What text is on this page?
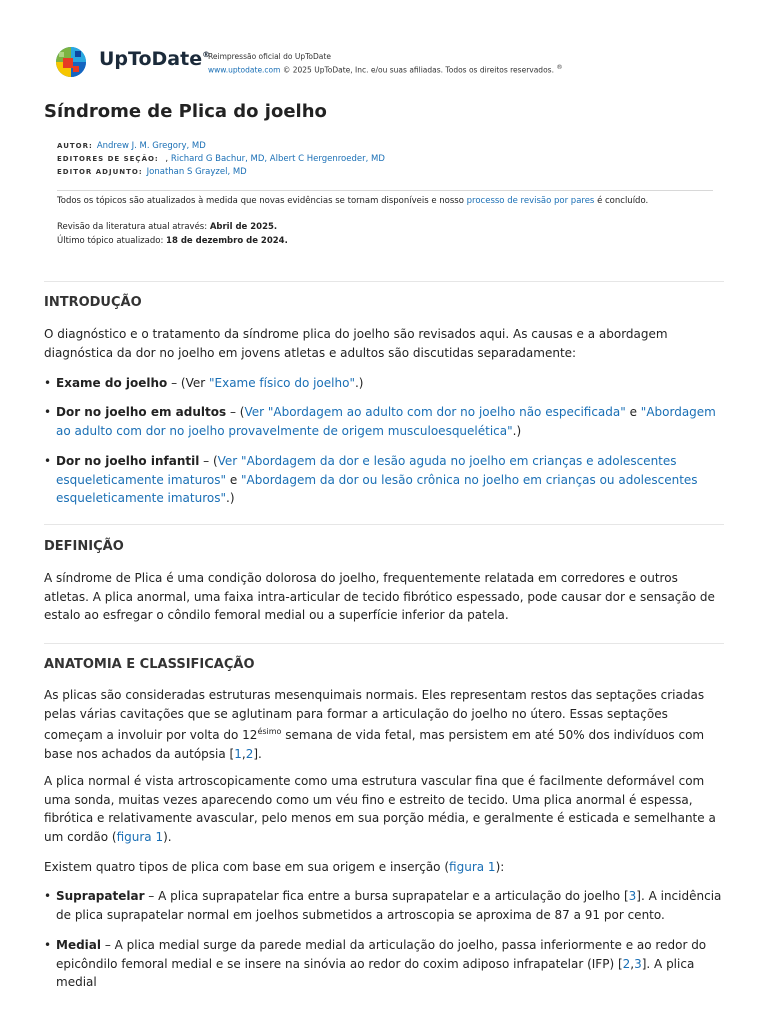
UpToDate®
Reimpressão oficial do UpToDate
www.uptodate.com © 2025 UpToDate, Inc. e/ou suas afiliadas. Todos os direitos reservados. ®
Síndrome de Plica do joelho
AUTOR: Andrew J. M. Gregory, MD
EDITORES DE SEÇÃO: , Richard G Bachur, MD, Albert C Hergenroeder, MD
EDITOR ADJUNTO: Jonathan S Grayzel, MD
Todos os tópicos são atualizados à medida que novas evidências se tornam disponíveis e nosso processo de revisão por pares é concluído.
Revisão da literatura atual através: Abril de 2025.
Último tópico atualizado: 18 de dezembro de 2024.
INTRODUÇÃO

O diagnóstico e o tratamento da síndrome plica do joelho são revisados aqui. As causas e a abordagem diagnóstica da dor no joelho em jovens atletas e adultos são discutidas separadamente:

• Exame do joelho – (Ver "Exame físico do joelho".)
• Dor no joelho em adultos – (Ver "Abordagem ao adulto com dor no joelho não especificada" e "Abordagem ao adulto com dor no joelho provavelmente de origem musculoesquelética".)
• Dor no joelho infantil – (Ver "Abordagem da dor e lesão aguda no joelho em crianças e adolescentes esqueleticamente imaturos" e "Abordagem da dor ou lesão crônica no joelho em crianças ou adolescentes esqueleticamente imaturos".)
DEFINIÇÃO

A síndrome de Plica é uma condição dolorosa do joelho, frequentemente relatada em corredores e outros atletas. A plica anormal, uma faixa intra-articular de tecido fibrótico espessado, pode causar dor e sensação de estalo ao esfregar o côndilo femoral medial ou a superfície inferior da patela.

ANATOMIA E CLASSIFICAÇÃO

As plicas são consideradas estruturas mesenquimais normais. Eles representam restos das septações criadas pelas várias cavitações que se aglutinam para formar a articulação do joelho no útero. Essas septações começam a involuir por volta do $12^{ésimo}$ semana de vida fetal, mas persistem em até 50% dos indivíduos com base nos achados da autópsia [1,2].

A plica normal é vista artroscopicamente como uma estrutura vascular fina que é facilmente deformável com uma sonda, muitas vezes aparecendo como um véu fino e estreito de tecido. Uma plica anormal é espessa, fibrótica e relativamente avascular, pelo menos em sua porção média, e geralmente é esticada e semelhante a um cordão (figura 1).

Existem quatro tipos de plica com base em sua origem e inserção (figura 1):

• Suprapatelar – A plica suprapatelar fica entre a bursa suprapatelar e a articulação do joelho [3]. A incidência de plica suprapatelar normal em joelhos submetidos a artroscopia se aproxima de 87 a 91 por cento.
• Medial – A plica medial surge da parede medial da articulação do joelho, passa inferiormente e ao redor do epicôndilo femoral medial e se insere na sinóvia ao redor do coxim adiposo infrapatelar (IFP) [2,3]. A plica medial
